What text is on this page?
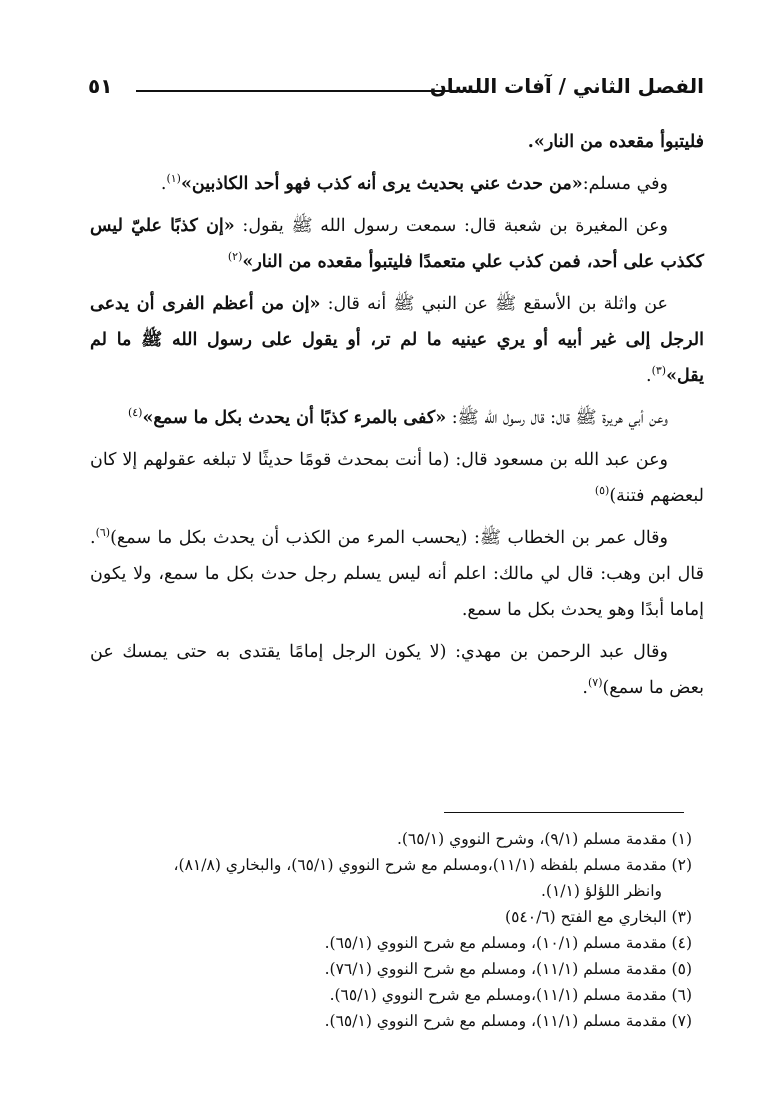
الفصل الثاني / آفات اللسان
٥١

فليتبوأ مقعده من النار».

وفي مسلم:«من حدث عني بحديث يرى أنه كذب فهو أحد الكاذبين»$^{(١)}$.

وعن المغيرة بن شعبة قال: سمعت رسول الله ﷺ يقول: «إن كذبًا عليّ ليس ككذب على أحد، فمن كذب علي متعمدًا فليتبوأ مقعده من النار»$^{(٢)}$

عن واثلة بن الأسقع ﷺ عن النبي ﷺ أنه قال: «إن من أعظم الفرى أن يدعى الرجل إلى غير أبيه أو يري عينيه ما لم تر، أو يقول على رسول الله ﷺ ما لم يقل»$^{(٣)}$.

وعن أبي هريرة ﷺ قال: قال رسول الله ﷺ: «كفى بالمرء كذبًا أن يحدث بكل ما سمع»$^{(٤)}$

وعن عبد الله بن مسعود قال: (ما أنت بمحدث قومًا حديثًا لا تبلغه عقولهم إلا كان لبعضهم فتنة)$^{(٥)}$

وقال عمر بن الخطاب ﷺ: (يحسب المرء من الكذب أن يحدث بكل ما سمع)$^{(٦)}$. قال ابن وهب: قال لي مالك: اعلم أنه ليس يسلم رجل حدث بكل ما سمع، ولا يكون إماما أبدًا وهو يحدث بكل ما سمع.

وقال عبد الرحمن بن مهدي: (لا يكون الرجل إمامًا يقتدى به حتى يمسك عن بعض ما سمع)$^{(٧)}$.

(١) مقدمة مسلم (٩/١)، وشرح النووي (٦٥/١).

(٢) مقدمة مسلم بلفظه (١١/١)،ومسلم مع شرح النووي (٦٥/١)، والبخاري (٨١/٨)،

وانظر اللؤلؤ (١/١).

(٣) البخاري مع الفتح (٥٤٠/٦)

(٤) مقدمة مسلم (١٠/١)، ومسلم مع شرح النووي (٦٥/١).

(٥) مقدمة مسلم (١١/١)، ومسلم مع شرح النووي (٧٦/١).

(٦) مقدمة مسلم (١١/١)،ومسلم مع شرح النووي (٦٥/١).

(٧) مقدمة مسلم (١١/١)، ومسلم مع شرح النووي (٦٥/١).
